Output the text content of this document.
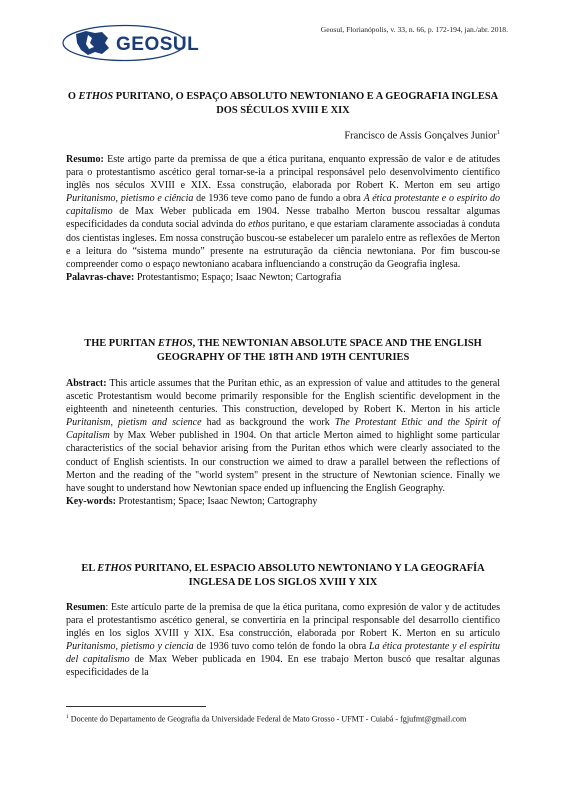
GEOSUL
Geosul, Florianópolis, v. 33, n. 66, p. 172-194, jan./abr. 2018.
O ETHOS PURITANO, O ESPAÇO ABSOLUTO NEWTONIANO E A GEOGRAFIA INGLESA DOS SÉCULOS XVIII E XIX
Francisco de Assis Gonçalves Junior$^1$

Resumo: Este artigo parte da premissa de que a ética puritana, enquanto expressão de valor e de atitudes para o protestantismo ascético geral tornar-se-ia a principal responsável pelo desenvolvimento científico inglês nos séculos XVIII e XIX. Essa construção, elaborada por Robert K. Merton em seu artigo Puritanismo, pietismo e ciência de 1936 teve como pano de fundo a obra A ética protestante e o espírito do capitalismo de Max Weber publicada em 1904. Nesse trabalho Merton buscou ressaltar algumas especificidades da conduta social advinda do ethos puritano, e que estariam claramente associadas à conduta dos cientistas ingleses. Em nossa construção buscou-se estabelecer um paralelo entre as reflexões de Merton e a leitura do “sistema mundo” presente na estruturação da ciência newtoniana. Por fim buscou-se compreender como o espaço newtoniano acabara influenciando a construção da Geografia inglesa.

Palavras-chave: Protestantismo; Espaço; Isaac Newton; Cartografia

THE PURITAN ETHOS, THE NEWTONIAN ABSOLUTE SPACE AND THE ENGLISH GEOGRAPHY OF THE 18TH AND 19TH CENTURIES

Abstract: This article assumes that the Puritan ethic, as an expression of value and attitudes to the general ascetic Protestantism would become primarily responsible for the English scientific development in the eighteenth and nineteenth centuries. This construction, developed by Robert K. Merton in his article Puritanism, pietism and science had as background the work The Protestant Ethic and the Spirit of Capitalism by Max Weber published in 1904. On that article Merton aimed to highlight some particular characteristics of the social behavior arising from the Puritan ethos which were clearly associated to the conduct of English scientists. In our construction we aimed to draw a parallel between the reflections of Merton and the reading of the "world system" present in the structure of Newtonian science. Finally we have sought to understand how Newtonian space ended up influencing the English Geography.

Key-words: Protestantism; Space; Isaac Newton; Cartography

EL ETHOS PURITANO, EL ESPACIO ABSOLUTO NEWTONIANO Y LA GEOGRAFÍA INGLESA DE LOS SIGLOS XVIII Y XIX

Resumen: Este artículo parte de la premisa de que la ética puritana, como expresión de valor y de actitudes para el protestantismo ascético general, se convertiría en la principal responsable del desarrollo científico inglés en los siglos XVIII y XIX. Esa construcción, elaborada por Robert K. Merton en su artículo Puritanismo, pietismo y ciencia de 1936 tuvo como telón de fondo la obra La ética protestante y el espíritu del capitalismo de Max Weber publicada en 1904. En ese trabajo Merton buscó que resaltar algunas especificidades de la

$^1$ Docente do Departamento de Geografia da Universidade Federal de Mato Grosso - UFMT - Cuiabá - fgjufmt@gmail.com
